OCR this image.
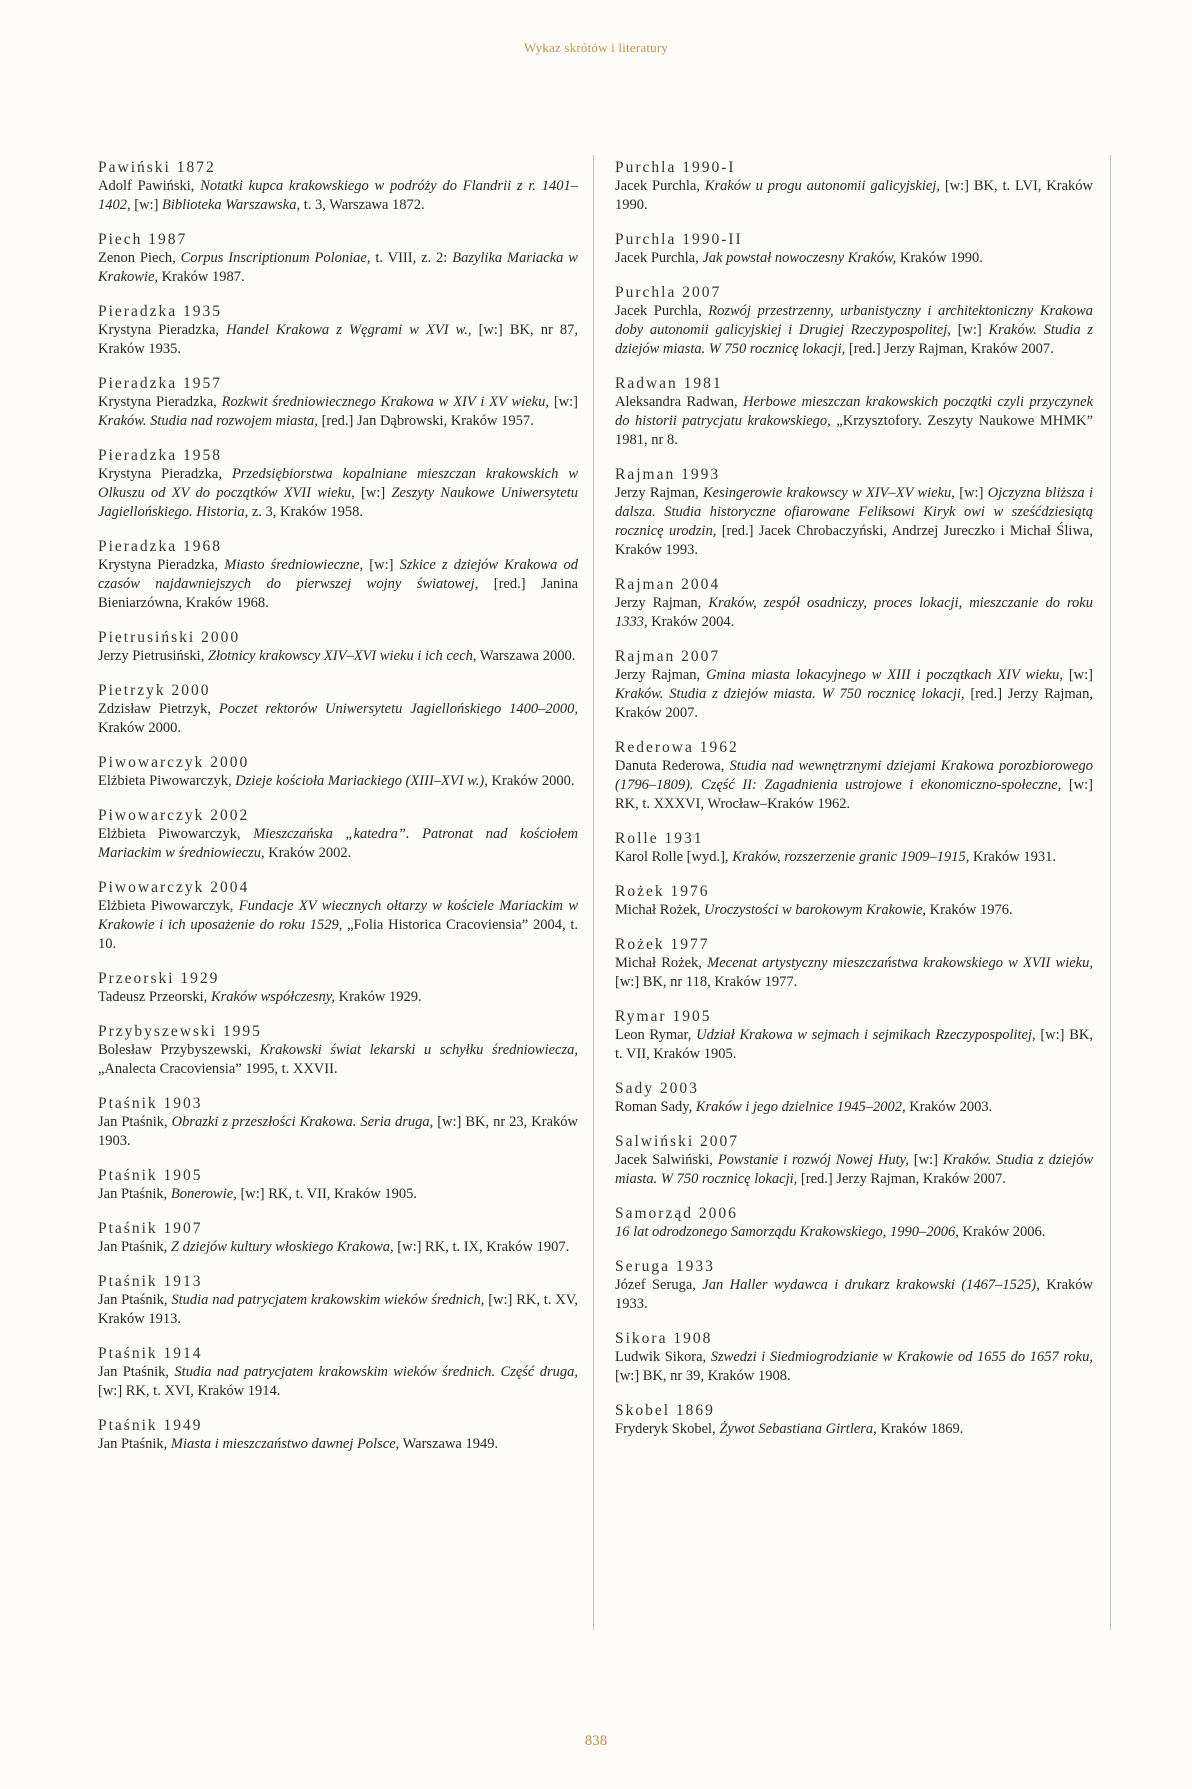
Wykaz skrótów i literatury
Pawiński 1872
Adolf Pawiński, Notatki kupca krakowskiego w podróży do Flandrii z r. 1401–1402, [w:] Biblioteka Warszawska, t. 3, Warszawa 1872.
Piech 1987
Zenon Piech, Corpus Inscriptionum Poloniae, t. VIII, z. 2: Bazylika Mariacka w Krakowie, Kraków 1987.
Pieradzka 1935
Krystyna Pieradzka, Handel Krakowa z Węgrami w XVI w., [w:] BK, nr 87, Kraków 1935.
Pieradzka 1957
Krystyna Pieradzka, Rozkwit średniowiecznego Krakowa w XIV i XV wieku, [w:] Kraków. Studia nad rozwojem miasta, [red.] Jan Dąbrowski, Kraków 1957.
Pieradzka 1958
Krystyna Pieradzka, Przedsiębiorstwa kopalniane mieszczan krakowskich w Olkuszu od XV do początków XVII wieku, [w:] Zeszyty Naukowe Uniwersytetu Jagiellońskiego. Historia, z. 3, Kraków 1958.
Pieradzka 1968
Krystyna Pieradzka, Miasto średniowieczne, [w:] Szkice z dziejów Krakowa od czasów najdawniejszych do pierwszej wojny światowej, [red.] Janina Bieniarzówna, Kraków 1968.
Pietrusiński 2000
Jerzy Pietrusiński, Złotnicy krakowscy XIV–XVI wieku i ich cech, Warszawa 2000.
Pietrzyk 2000
Zdzisław Pietrzyk, Poczet rektorów Uniwersytetu Jagiellońskiego 1400–2000, Kraków 2000.
Piwowarczyk 2000
Elżbieta Piwowarczyk, Dzieje kościoła Mariackiego (XIII–XVI w.), Kraków 2000.
Piwowarczyk 2002
Elżbieta Piwowarczyk, Mieszczańska „katedra”. Patronat nad kościołem Mariackim w średniowieczu, Kraków 2002.
Piwowarczyk 2004
Elżbieta Piwowarczyk, Fundacje XV wiecznych ołtarzy w kościele Mariackim w Krakowie i ich uposażenie do roku 1529, „Folia Historica Cracoviensia” 2004, t. 10.
Przeorski 1929
Tadeusz Przeorski, Kraków współczesny, Kraków 1929.
Przybyszewski 1995
Bolesław Przybyszewski, Krakowski świat lekarski u schyłku średniowiecza, „Analecta Cracoviensia” 1995, t. XXVII.
Ptaśnik 1903
Jan Ptaśnik, Obrazki z przeszłości Krakowa. Seria druga, [w:] BK, nr 23, Kraków 1903.
Ptaśnik 1905
Jan Ptaśnik, Bonerowie, [w:] RK, t. VII, Kraków 1905.
Ptaśnik 1907
Jan Ptaśnik, Z dziejów kultury włoskiego Krakowa, [w:] RK, t. IX, Kraków 1907.
Ptaśnik 1913
Jan Ptaśnik, Studia nad patrycjatem krakowskim wieków średnich, [w:] RK, t. XV, Kraków 1913.
Ptaśnik 1914
Jan Ptaśnik, Studia nad patrycjatem krakowskim wieków średnich. Część druga, [w:] RK, t. XVI, Kraków 1914.
Ptaśnik 1949
Jan Ptaśnik, Miasta i mieszczaństwo dawnej Polsce, Warszawa 1949.
Purchla 1990-I
Jacek Purchla, Kraków u progu autonomii galicyjskiej, [w:] BK, t. LVI, Kraków 1990.
Purchla 1990-II
Jacek Purchla, Jak powstał nowoczesny Kraków, Kraków 1990.
Purchla 2007
Jacek Purchla, Rozwój przestrzenny, urbanistyczny i architektoniczny Krakowa doby autonomii galicyjskiej i Drugiej Rzeczypospolitej, [w:] Kraków. Studia z dziejów miasta. W 750 rocznicę lokacji, [red.] Jerzy Rajman, Kraków 2007.
Radwan 1981
Aleksandra Radwan, Herbowe mieszczan krakowskich początki czyli przyczynek do historii patrycjatu krakowskiego, „Krzysztofory. Zeszyty Naukowe MHMK” 1981, nr 8.
Rajman 1993
Jerzy Rajman, Kesingerowie krakowscy w XIV–XV wieku, [w:] Ojczyzna bliższa i dalsza. Studia historyczne ofiarowane Feliksowi Kiryk owi w sześćdziesiątą rocznicę urodzin, [red.] Jacek Chrobaczyński, Andrzej Jureczko i Michał Śliwa, Kraków 1993.
Rajman 2004
Jerzy Rajman, Kraków, zespół osadniczy, proces lokacji, mieszczanie do roku 1333, Kraków 2004.
Rajman 2007
Jerzy Rajman, Gmina miasta lokacyjnego w XIII i początkach XIV wieku, [w:] Kraków. Studia z dziejów miasta. W 750 rocznicę lokacji, [red.] Jerzy Rajman, Kraków 2007.
Rederowa 1962
Danuta Rederowa, Studia nad wewnętrznymi dziejami Krakowa porozbiorowego (1796–1809). Część II: Zagadnienia ustrojowe i ekonomiczno-społeczne, [w:] RK, t. XXXVI, Wrocław–Kraków 1962.
Rolle 1931
Karol Rolle [wyd.], Kraków, rozszerzenie granic 1909–1915, Kraków 1931.
Rożek 1976
Michał Rożek, Uroczystości w barokowym Krakowie, Kraków 1976.
Rożek 1977
Michał Rożek, Mecenat artystyczny mieszczaństwa krakowskiego w XVII wieku, [w:] BK, nr 118, Kraków 1977.
Rymar 1905
Leon Rymar, Udział Krakowa w sejmach i sejmikach Rzeczypospolitej, [w:] BK, t. VII, Kraków 1905.
Sady 2003
Roman Sady, Kraków i jego dzielnice 1945–2002, Kraków 2003.
Salwiński 2007
Jacek Salwiński, Powstanie i rozwój Nowej Huty, [w:] Kraków. Studia z dziejów miasta. W 750 rocznicę lokacji, [red.] Jerzy Rajman, Kraków 2007.
Samorząd 2006
16 lat odrodzonego Samorządu Krakowskiego, 1990–2006, Kraków 2006.
Seruga 1933
Józef Seruga, Jan Haller wydawca i drukarz krakowski (1467–1525), Kraków 1933.
Sikora 1908
Ludwik Sikora, Szwedzi i Siedmiogrodzianie w Krakowie od 1655 do 1657 roku, [w:] BK, nr 39, Kraków 1908.
Skobel 1869
Fryderyk Skobel, Żywot Sebastiana Girtlera, Kraków 1869.
838
